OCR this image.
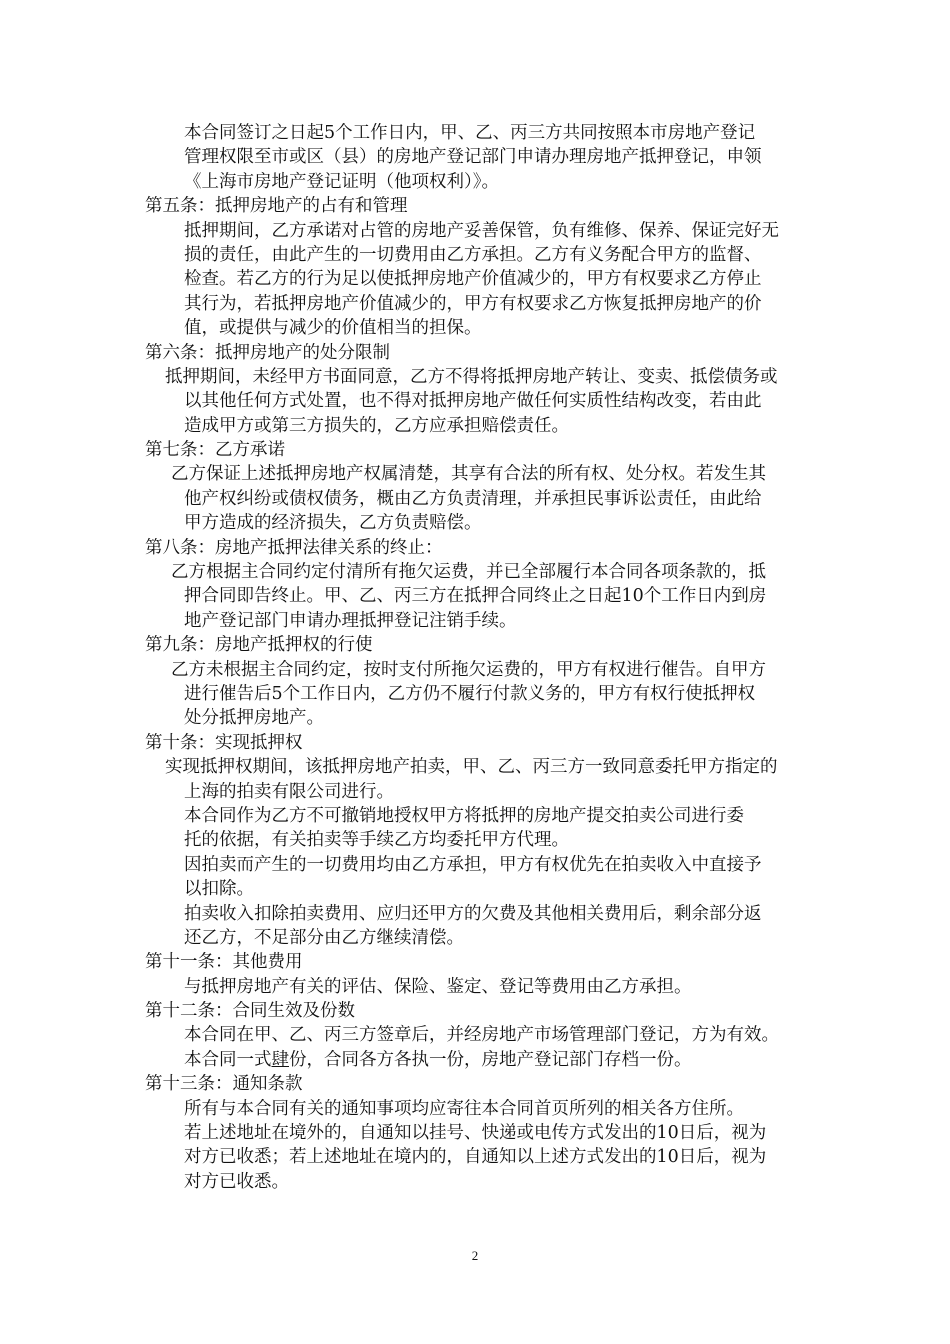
本合同签订之日起5个工作日内，甲、乙、丙三方共同按照本市房地产登记
管理权限至市或区（县）的房地产登记部门申请办理房地产抵押登记，申领
《上海市房地产登记证明（他项权利）》。
第五条：抵押房地产的占有和管理
抵押期间，乙方承诺对占管的房地产妥善保管，负有维修、保养、保证完好无
损的责任，由此产生的一切费用由乙方承担。乙方有义务配合甲方的监督、
检查。若乙方的行为足以使抵押房地产价值减少的，甲方有权要求乙方停止
其行为，若抵押房地产价值减少的，甲方有权要求乙方恢复抵押房地产的价
值，或提供与减少的价值相当的担保。
第六条：抵押房地产的处分限制
抵押期间，未经甲方书面同意，乙方不得将抵押房地产转让、变卖、抵偿债务或
以其他任何方式处置，也不得对抵押房地产做任何实质性结构改变，若由此
造成甲方或第三方损失的，乙方应承担赔偿责任。
第七条：乙方承诺
乙方保证上述抵押房地产权属清楚，其享有合法的所有权、处分权。若发生其
他产权纠纷或债权债务，概由乙方负责清理，并承担民事诉讼责任，由此给
甲方造成的经济损失，乙方负责赔偿。
第八条：房地产抵押法律关系的终止：
乙方根据主合同约定付清所有拖欠运费，并已全部履行本合同各项条款的，抵
押合同即告终止。甲、乙、丙三方在抵押合同终止之日起10个工作日内到房
地产登记部门申请办理抵押登记注销手续。
第九条：房地产抵押权的行使
乙方未根据主合同约定，按时支付所拖欠运费的，甲方有权进行催告。自甲方
进行催告后5个工作日内，乙方仍不履行付款义务的，甲方有权行使抵押权
处分抵押房地产。
第十条：实现抵押权
实现抵押权期间，该抵押房地产拍卖，甲、乙、丙三方一致同意委托甲方指定的
上海的拍卖有限公司进行。
本合同作为乙方不可撤销地授权甲方将抵押的房地产提交拍卖公司进行委
托的依据，有关拍卖等手续乙方均委托甲方代理。
因拍卖而产生的一切费用均由乙方承担，甲方有权优先在拍卖收入中直接予
以扣除。
拍卖收入扣除拍卖费用、应归还甲方的欠费及其他相关费用后，剩余部分返
还乙方，不足部分由乙方继续清偿。
第十一条：其他费用
与抵押房地产有关的评估、保险、鉴定、登记等费用由乙方承担。
第十二条：合同生效及份数
本合同在甲、乙、丙三方签章后，并经房地产市场管理部门登记，方为有效。
本合同一式肆份，合同各方各执一份，房地产登记部门存档一份。
第十三条：通知条款
所有与本合同有关的通知事项均应寄往本合同首页所列的相关各方住所。
若上述地址在境外的，自通知以挂号、快递或电传方式发出的10日后，视为
对方已收悉；若上述地址在境内的，自通知以上述方式发出的10日后，视为
对方已收悉。
2
